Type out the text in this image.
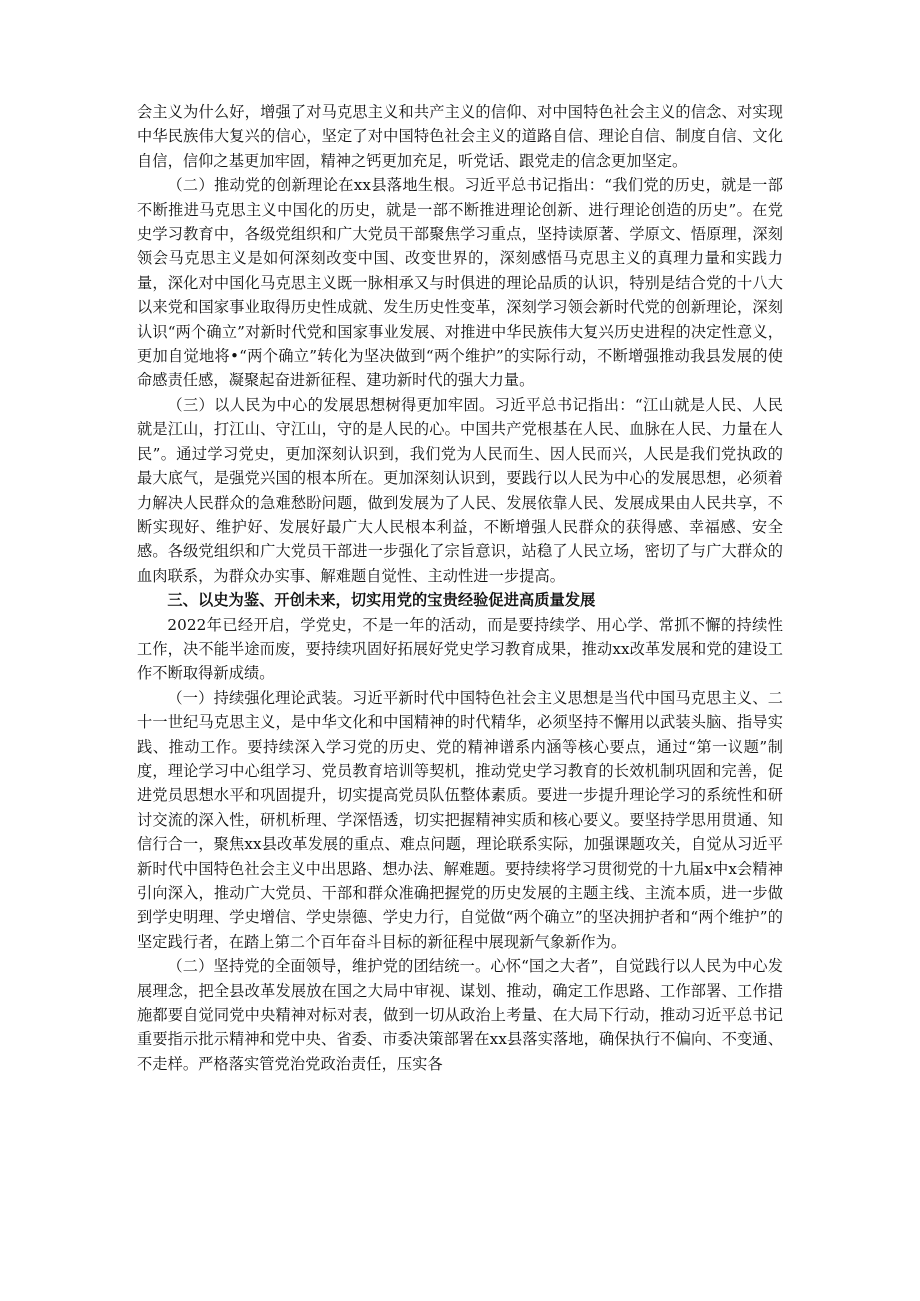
会主义为什么好，增强了对马克思主义和共产主义的信仰、对中国特色社会主义的信念、对实现中华民族伟大复兴的信心，坚定了对中国特色社会主义的道路自信、理论自信、制度自信、文化自信，信仰之基更加牢固，精神之钙更加充足，听党话、跟党走的信念更加坚定。

（二）推动党的创新理论在xx县落地生根。习近平总书记指出：“我们党的历史，就是一部不断推进马克思主义中国化的历史，就是一部不断推进理论创新、进行理论创造的历史”。在党史学习教育中，各级党组织和广大党员干部聚焦学习重点，坚持读原著、学原文、悟原理，深刻领会马克思主义是如何深刻改变中国、改变世界的，深刻感悟马克思主义的真理力量和实践力量，深化对中国化马克思主义既一脉相承又与时俱进的理论品质的认识，特别是结合党的十八大以来党和国家事业取得历史性成就、发生历史性变革，深刻学习领会新时代党的创新理论，深刻认识“两个确立”对新时代党和国家事业发展、对推进中华民族伟大复兴历史进程的决定性意义，更加自觉地将•“两个确立”转化为坚决做到“两个维护”的实际行动，不断增强推动我县发展的使命感责任感，凝聚起奋进新征程、建功新时代的强大力量。

（三）以人民为中心的发展思想树得更加牢固。习近平总书记指出：“江山就是人民、人民就是江山，打江山、守江山，守的是人民的心。中国共产党根基在人民、血脉在人民、力量在人民”。通过学习党史，更加深刻认识到，我们党为人民而生、因人民而兴，人民是我们党执政的最大底气，是强党兴国的根本所在。更加深刻认识到，要践行以人民为中心的发展思想，必须着力解决人民群众的急难愁盼问题，做到发展为了人民、发展依靠人民、发展成果由人民共享，不断实现好、维护好、发展好最广大人民根本利益，不断增强人民群众的获得感、幸福感、安全感。各级党组织和广大党员干部进一步强化了宗旨意识，站稳了人民立场，密切了与广大群众的血肉联系，为群众办实事、解难题自觉性、主动性进一步提高。

三、以史为鉴、开创未来，切实用党的宝贵经验促进高质量发展

2022年已经开启，学党史，不是一年的活动，而是要持续学、用心学、常抓不懈的持续性工作，决不能半途而废，要持续巩固好拓展好党史学习教育成果，推动xx改革发展和党的建设工作不断取得新成绩。

（一）持续强化理论武装。习近平新时代中国特色社会主义思想是当代中国马克思主义、二十一世纪马克思主义，是中华文化和中国精神的时代精华，必须坚持不懈用以武装头脑、指导实践、推动工作。要持续深入学习党的历史、党的精神谱系内涵等核心要点，通过“第一议题”制度，理论学习中心组学习、党员教育培训等契机，推动党史学习教育的长效机制巩固和完善，促进党员思想水平和巩固提升，切实提高党员队伍整体素质。要进一步提升理论学习的系统性和研讨交流的深入性，研机析理、学深悟透，切实把握精神实质和核心要义。要坚持学思用贯通、知信行合一，聚焦xx县改革发展的重点、难点问题，理论联系实际，加强课题攻关，自觉从习近平新时代中国特色社会主义中出思路、想办法、解难题。要持续将学习贯彻党的十九届x中x会精神引向深入，推动广大党员、干部和群众准确把握党的历史发展的主题主线、主流本质，进一步做到学史明理、学史增信、学史崇德、学史力行，自觉做“两个确立”的坚决拥护者和“两个维护”的坚定践行者，在踏上第二个百年奋斗目标的新征程中展现新气象新作为。

（二）坚持党的全面领导，维护党的团结统一。心怀“国之大者”，自觉践行以人民为中心发展理念，把全县改革发展放在国之大局中审视、谋划、推动，确定工作思路、工作部署、工作措施都要自觉同党中央精神对标对表，做到一切从政治上考量、在大局下行动，推动习近平总书记重要指示批示精神和党中央、省委、市委决策部署在xx县落实落地，确保执行不偏向、不变通、不走样。严格落实管党治党政治责任，压实各
